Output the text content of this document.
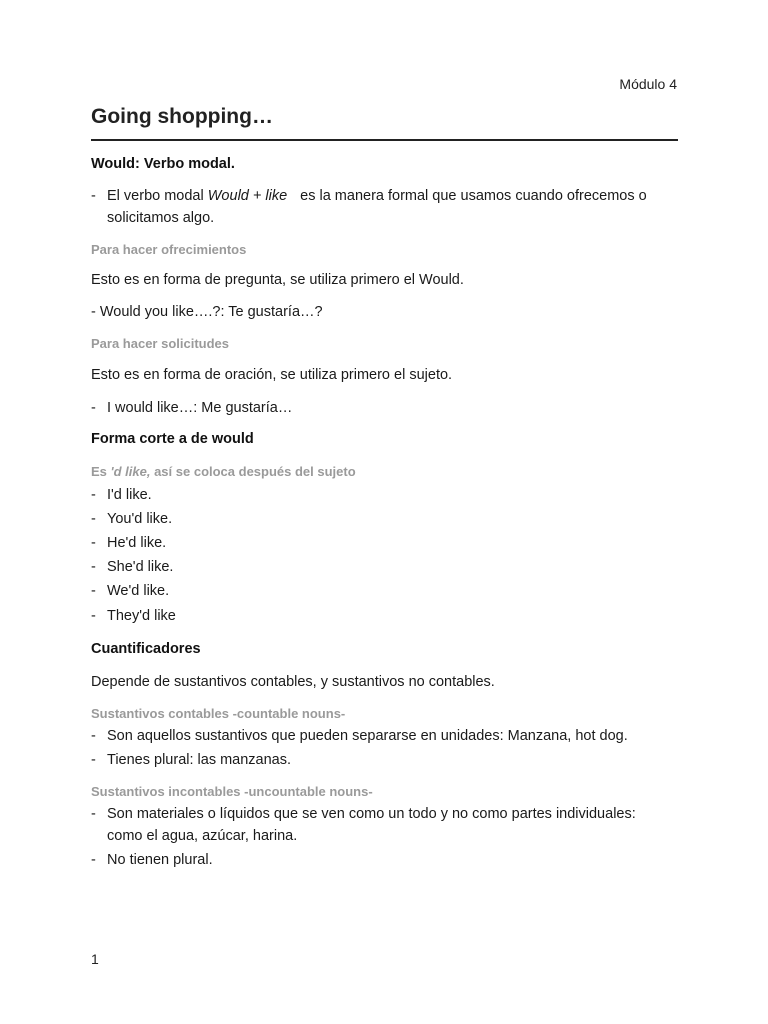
Módulo 4
Going shopping…
Would: Verbo modal.
- El verbo modal Would + like es la manera formal que usamos cuando ofrecemos o
solicitamos algo.
Para hacer ofrecimientos
Esto es en forma de pregunta, se utiliza primero el Would.
- Would you like….?: Te gustaría…?
Para hacer solicitudes
Esto es en forma de oración, se utiliza primero el sujeto.
- I would like…: Me gustaría…
Forma corte a de would
Es 'd like, así se coloca después del sujeto
- I'd like.
- You'd like.
- He'd like.
- She'd like.
- We'd like.
- They'd like
Cuantificadores
Depende de sustantivos contables, y sustantivos no contables.
Sustantivos contables -countable nouns-
- Son aquellos sustantivos que pueden separarse en unidades: Manzana, hot dog.
- Tienes plural: las manzanas.
Sustantivos incontables -uncountable nouns-
- Son materiales o líquidos que se ven como un todo y no como partes individuales:
como el agua, azúcar, harina.
- No tienen plural.
1
